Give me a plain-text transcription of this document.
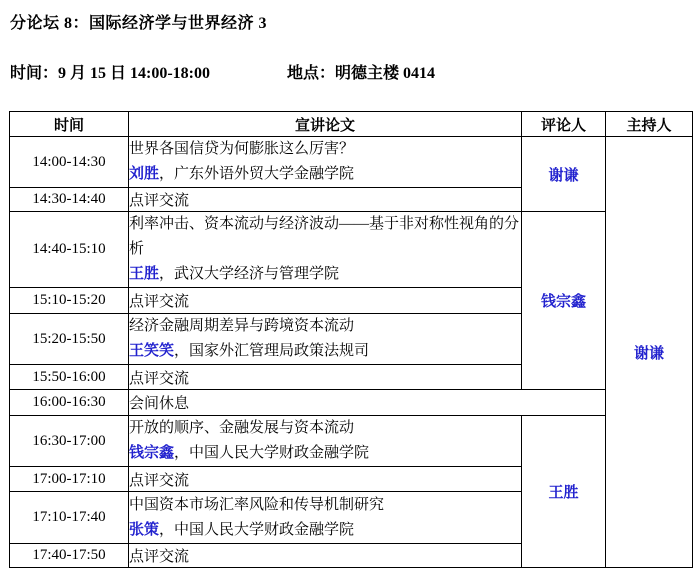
分论坛 8：国际经济学与世界经济 3
时间：9 月 15 日 14:00-18:00	地点：明德主楼 0414
时间	宣讲论文	评论人	主持人
14:00-14:30	世界各国信贷为何膨胀这么厉害？
刘胜，广东外语外贸大学金融学院	谢谦	谢谦
14:30-14:40	点评交流		
14:40-15:10	利率冲击、资本流动与经济波动——基于非对称性视角的分析
王胜，武汉大学经济与管理学院	钱宗鑫	
15:10-15:20	点评交流		
15:20-15:50	经济金融周期差异与跨境资本流动
王笑笑，国家外汇管理局政策法规司		

15:50-16:00	点评交流		
16:00-16:30	会间休息		
16:30-17:00	开放的顺序、金融发展与资本流动
钱宗鑫，中国人民大学财政金融学院	王胜	
17:00-17:10	点评交流		
17:10-17:40	中国资本市场汇率风险和传导机制研究
张策，中国人民大学财政金融学院		

17:40-17:50	点评交流		
